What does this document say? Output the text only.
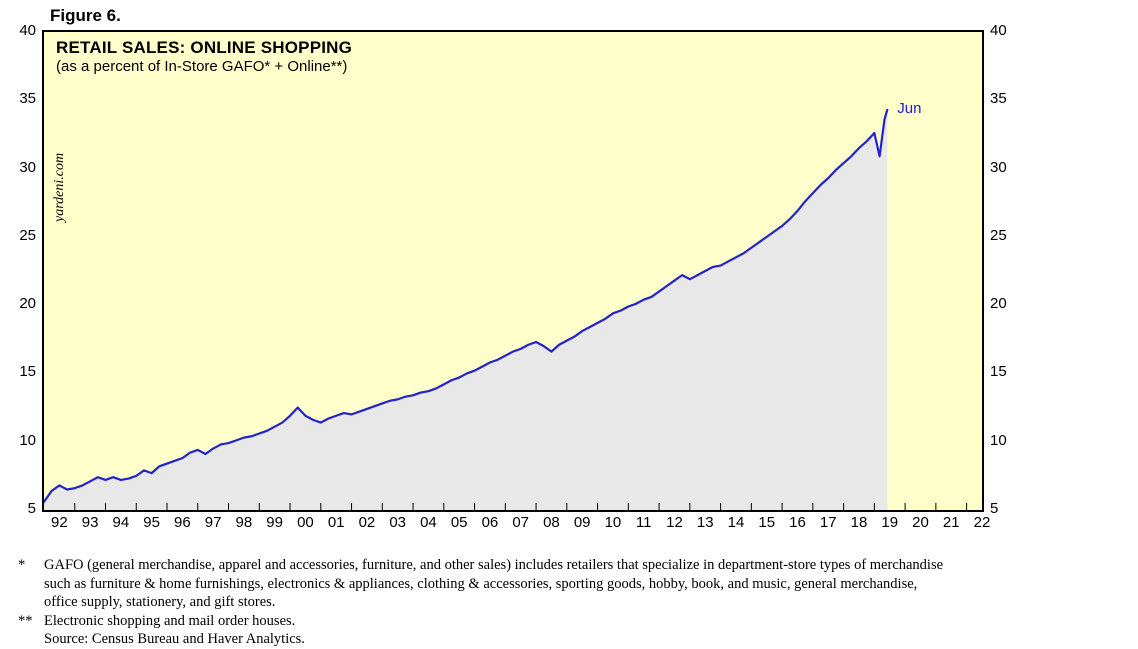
Figure 6.
RETAIL SALES: ONLINE SHOPPING
(as a percent of In-Store GAFO* + Online**)
yardeni.com
Jun
5
10
15
20
25
30
35
40
5
10
15
20
25
30
35
40
92 93 94 95 96 97 98 99 00 01 02 03 04 05 06 07 08 09 10 11 12 13 14 15 16 17 18 19 20 21 22
*	GAFO (general merchandise, apparel and accessories, furniture, and other sales) includes retailers that specialize in department-store types of merchandise
such as furniture & home furnishings, electronics & appliances, clothing & accessories, sporting goods, hobby, book, and music, general merchandise,
office supply, stationery, and gift stores.
** Electronic shopping and mail order houses.
Source: Census Bureau and Haver Analytics.
